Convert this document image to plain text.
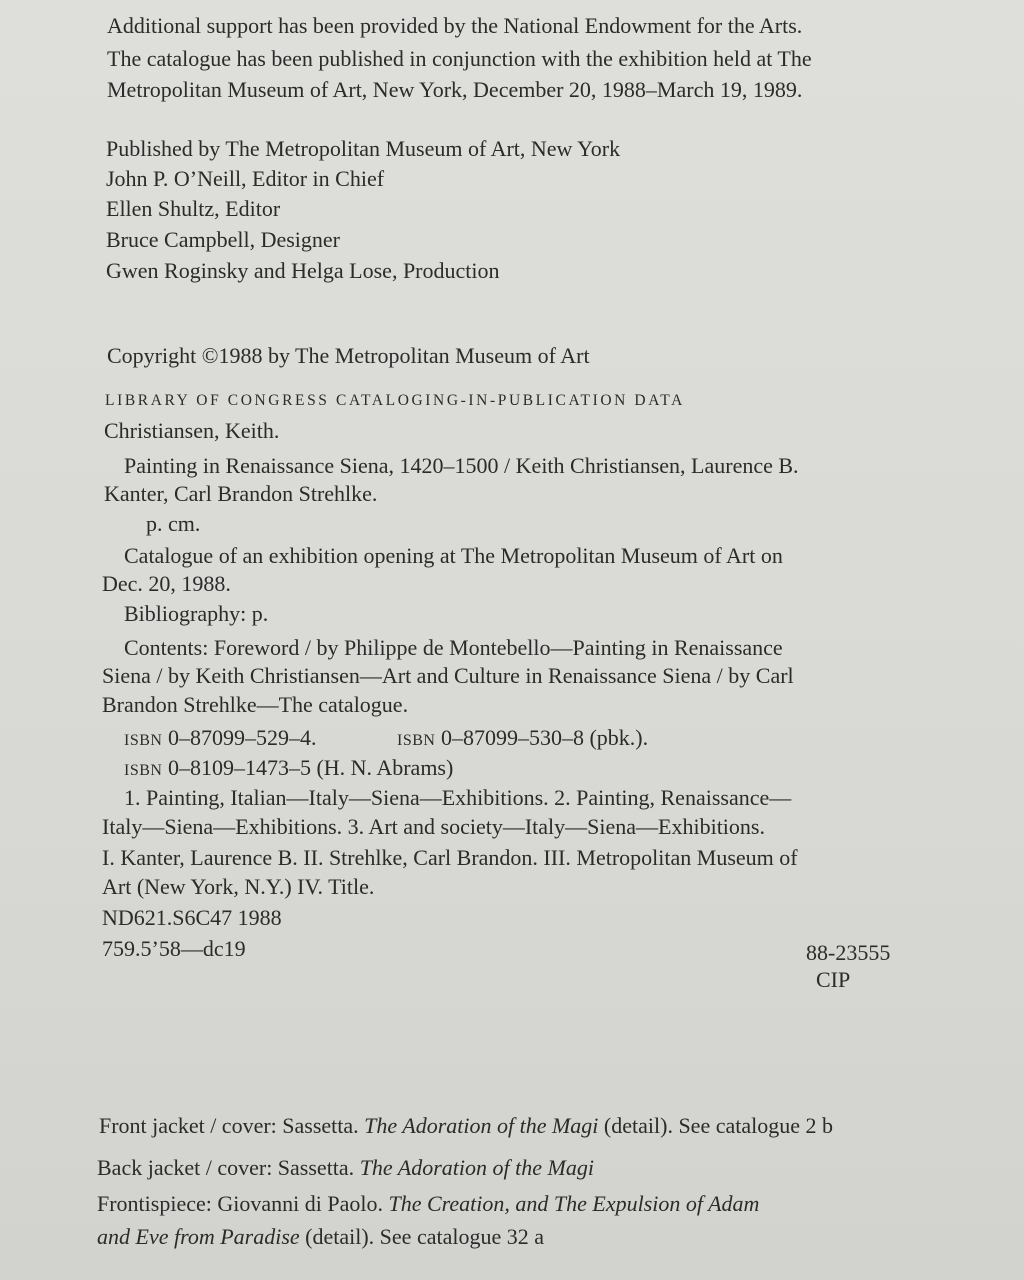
Additional support has been provided by the National Endowment for the Arts.
The catalogue has been published in conjunction with the exhibition held at The
Metropolitan Museum of Art, New York, December 20, 1988–March 19, 1989.
Published by The Metropolitan Museum of Art, New York
John P. O’Neill, Editor in Chief
Ellen Shultz, Editor
Bruce Campbell, Designer
Gwen Roginsky and Helga Lose, Production
Copyright ©1988 by The Metropolitan Museum of Art
LIBRARY OF CONGRESS CATALOGING-IN-PUBLICATION DATA
Christiansen, Keith.
Painting in Renaissance Siena, 1420–1500 / Keith Christiansen, Laurence B.
Kanter, Carl Brandon Strehlke.
p. cm.
Catalogue of an exhibition opening at The Metropolitan Museum of Art on
Dec. 20, 1988.
Bibliography: p.
Contents: Foreword / by Philippe de Montebello—Painting in Renaissance
Siena / by Keith Christiansen—Art and Culture in Renaissance Siena / by Carl
Brandon Strehlke—The catalogue.
ISBN 0–87099–529–4.	ISBN 0–87099–530–8 (pbk.).
ISBN 0–8109–1473–5 (H. N. Abrams)
1. Painting, Italian—Italy—Siena—Exhibitions. 2. Painting, Renaissance—
Italy—Siena—Exhibitions. 3. Art and society—Italy—Siena—Exhibitions.
I. Kanter, Laurence B. II. Strehlke, Carl Brandon. III. Metropolitan Museum of
Art (New York, N.Y.) IV. Title.
ND621.S6C47 1988
759.5’58—dc19	88-23555
CIP
Front jacket / cover: Sassetta. The Adoration of the Magi (detail). See catalogue 2 b
Back jacket / cover: Sassetta. The Adoration of the Magi
Frontispiece: Giovanni di Paolo. The Creation, and The Expulsion of Adam
and Eve from Paradise (detail). See catalogue 32 a
